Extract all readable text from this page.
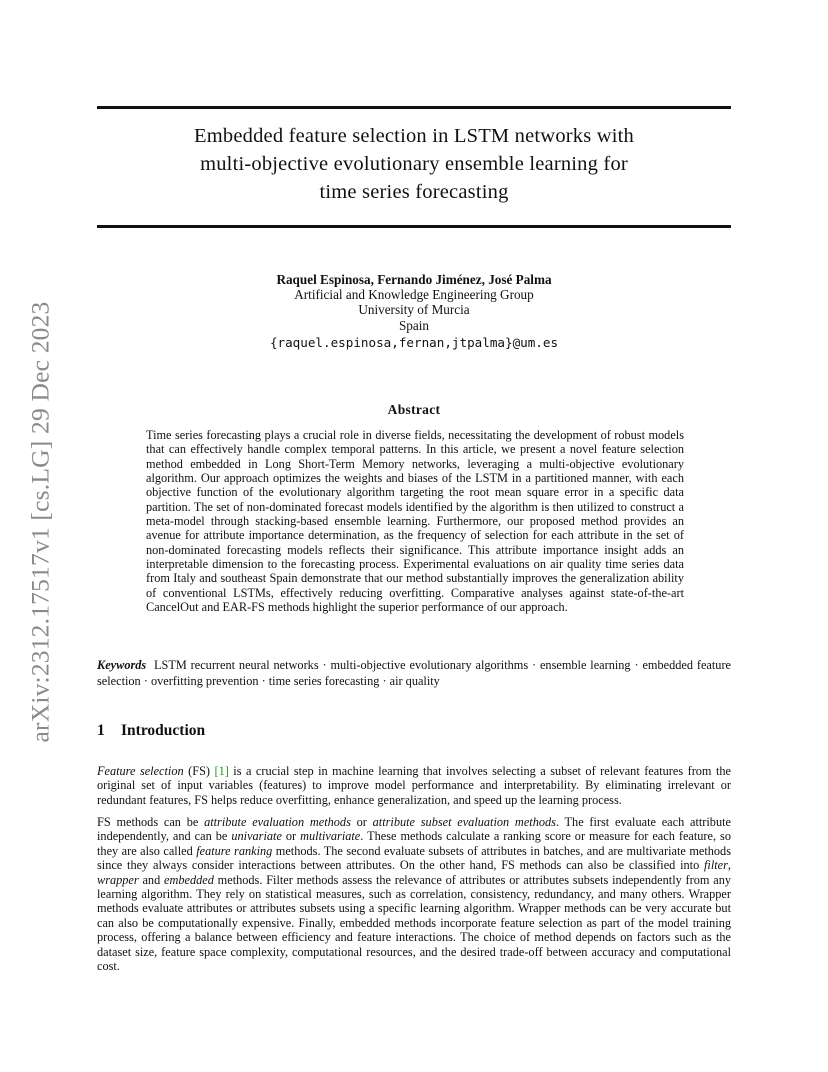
arXiv:2312.17517v1 [cs.LG] 29 Dec 2023
Embedded feature selection in LSTM networks with
multi-objective evolutionary ensemble learning for
time series forecasting
Raquel Espinosa, Fernando Jiménez, José Palma
Artificial and Knowledge Engineering Group
University of Murcia
Spain
{raquel.espinosa,fernan,jtpalma}@um.es
Abstract
Time series forecasting plays a crucial role in diverse fields, necessitating the development of robust models that can effectively handle complex temporal patterns. In this article, we present a novel feature selection method embedded in Long Short-Term Memory networks, leveraging a multi-objective evolutionary algorithm. Our approach optimizes the weights and biases of the LSTM in a partitioned manner, with each objective function of the evolutionary algorithm targeting the root mean square error in a specific data partition. The set of non-dominated forecast models identified by the algorithm is then utilized to construct a meta-model through stacking-based ensemble learning. Furthermore, our proposed method provides an avenue for attribute importance determination, as the frequency of selection for each attribute in the set of non-dominated forecasting models reflects their significance. This attribute importance insight adds an interpretable dimension to the forecasting process. Experimental evaluations on air quality time series data from Italy and southeast Spain demonstrate that our method substantially improves the generalization ability of conventional LSTMs, effectively reducing overfitting. Comparative analyses against state-of-the-art CancelOut and EAR-FS methods highlight the superior performance of our approach.
Keywords LSTM recurrent neural networks · multi-objective evolutionary algorithms · ensemble learning · embedded feature selection · overfitting prevention · time series forecasting · air quality
1 Introduction
Feature selection (FS) [1] is a crucial step in machine learning that involves selecting a subset of relevant features from the original set of input variables (features) to improve model performance and interpretability. By eliminating irrelevant or redundant features, FS helps reduce overfitting, enhance generalization, and speed up the learning process.
FS methods can be attribute evaluation methods or attribute subset evaluation methods. The first evaluate each attribute independently, and can be univariate or multivariate. These methods calculate a ranking score or measure for each feature, so they are also called feature ranking methods. The second evaluate subsets of attributes in batches, and are multivariate methods since they always consider interactions between attributes. On the other hand, FS methods can also be classified into filter, wrapper and embedded methods. Filter methods assess the relevance of attributes or attributes subsets independently from any learning algorithm. They rely on statistical measures, such as correlation, consistency, redundancy, and many others. Wrapper methods evaluate attributes or attributes subsets using a specific learning algorithm. Wrapper methods can be very accurate but can also be computationally expensive. Finally, embedded methods incorporate feature selection as part of the model training process, offering a balance between efficiency and feature interactions. The choice of method depends on factors such as the dataset size, feature space complexity, computational resources, and the desired trade-off between accuracy and computational cost.
